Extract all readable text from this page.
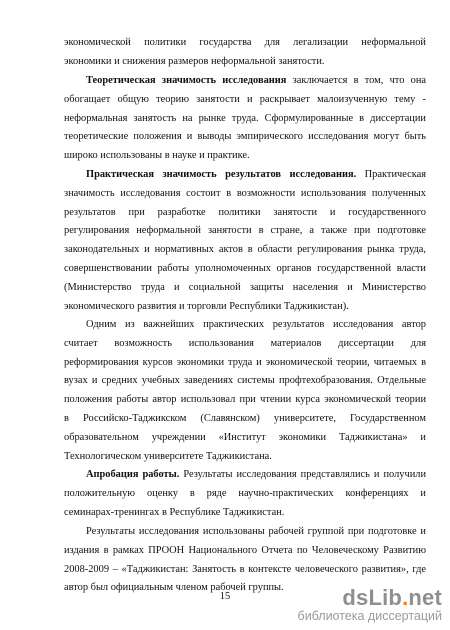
экономической политики государства для легализации неформальной
экономики и снижения размеров неформальной занятости.
Теоретическая значимость исследования заключается в том, что она
обогащает общую теорию занятости и раскрывает малоизученную тему -
неформальная занятость на рынке труда. Сформулированные в диссертации
теоретические положения и выводы эмпирического исследования могут быть
широко использованы в науке и практике.
Практическая значимость результатов исследования. Практическая
значимость исследования состоит в возможности использования полученных
результатов при разработке политики занятости и государственного
регулирования неформальной занятости в стране, а также при подготовке
законодательных и нормативных актов в области регулирования рынка труда,
совершенствовании работы уполномоченных органов государственной власти
(Министерство труда и социальной защиты населения и Министерство
экономического развития и торговли Республики Таджикистан).
Одним из важнейших практических результатов исследования автор
считает возможность использования материалов диссертации для
реформирования курсов экономики труда и экономической теории, читаемых в
вузах и средних учебных заведениях системы профтехобразования. Отдельные
положения работы автор использовал при чтении курса экономической теории
в Российско-Таджикском (Славянском) университете, Государственном
образовательном учреждении «Институт экономики Таджикистана» и
Технологическом университете Таджикистана.
Апробация работы. Результаты исследования представлялись и получили
положительную оценку в ряде научно-практических конференциях и
семинарах-тренингах в Республике Таджикистан.
Результаты исследования использованы рабочей группой при подготовке и
издания в рамках ПРООН Национального Отчета по Человеческому Развитию
2008-2009 – «Таджикистан: Занятость в контексте человеческого развития», где
автор был официальным членом рабочей группы.
15	dsLib.net
библиотека диссертаций
